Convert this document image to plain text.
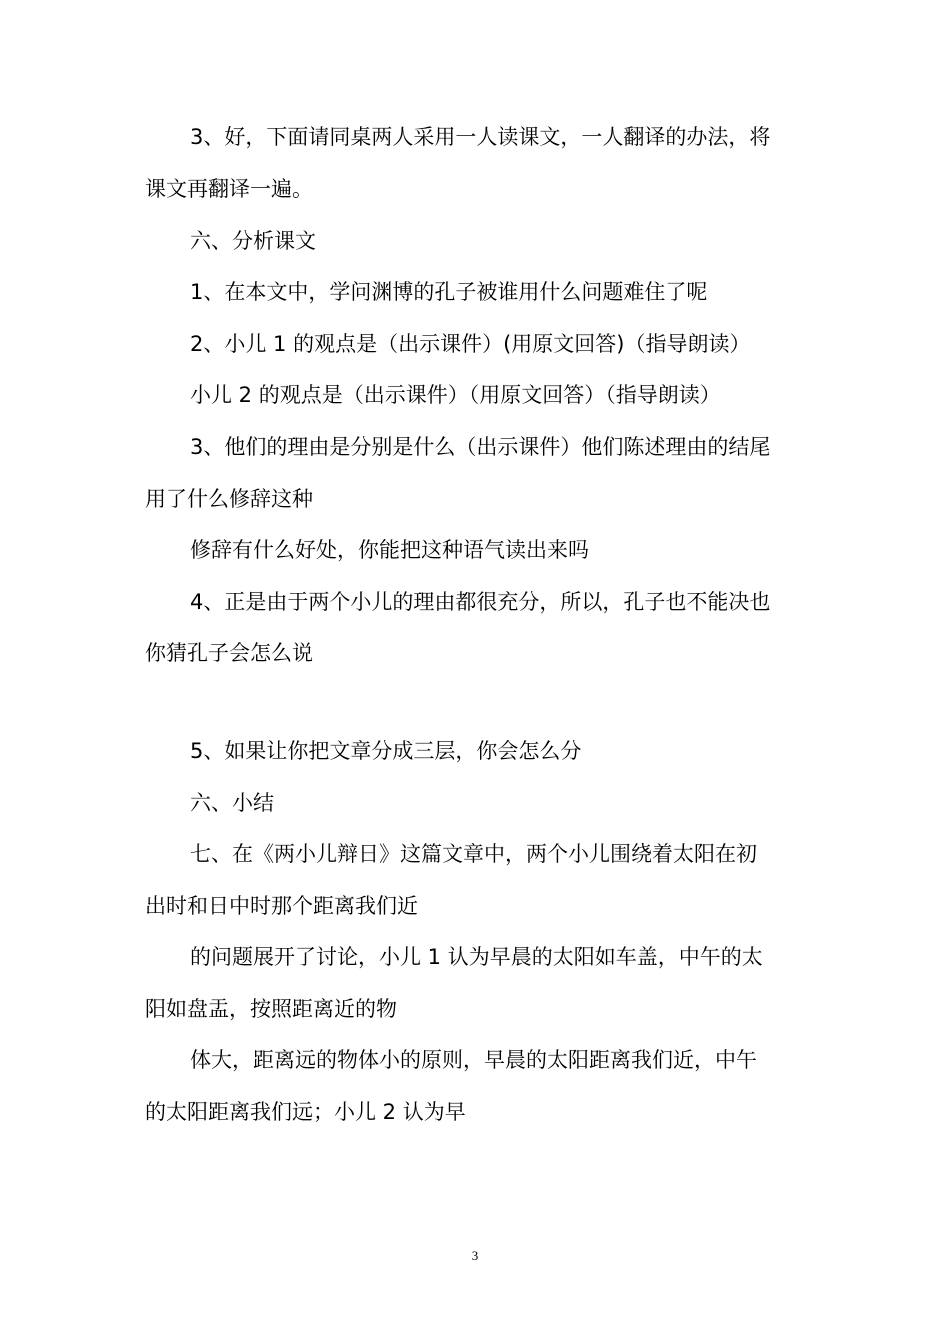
3、好，下面请同桌两人采用一人读课文，一人翻译的办法，将
课文再翻译一遍。
六、分析课文
1、在本文中，学问渊博的孔子被谁用什么问题难住了呢
2、小儿 1 的观点是（出示课件）(用原文回答)（指导朗读）
小儿 2 的观点是（出示课件）（用原文回答）（指导朗读）
3、他们的理由是分别是什么（出示课件）他们陈述理由的结尾
用了什么修辞这种
修辞有什么好处，你能把这种语气读出来吗
4、正是由于两个小儿的理由都很充分，所以，孔子也不能决也
你猜孔子会怎么说
5、如果让你把文章分成三层，你会怎么分
六、小结
七、在《两小儿辩日》这篇文章中，两个小儿围绕着太阳在初
出时和日中时那个距离我们近
的问题展开了讨论，小儿 1 认为早晨的太阳如车盖，中午的太
阳如盘盂，按照距离近的物
体大，距离远的物体小的原则，早晨的太阳距离我们近，中午
的太阳距离我们远；小儿 2 认为早
3
